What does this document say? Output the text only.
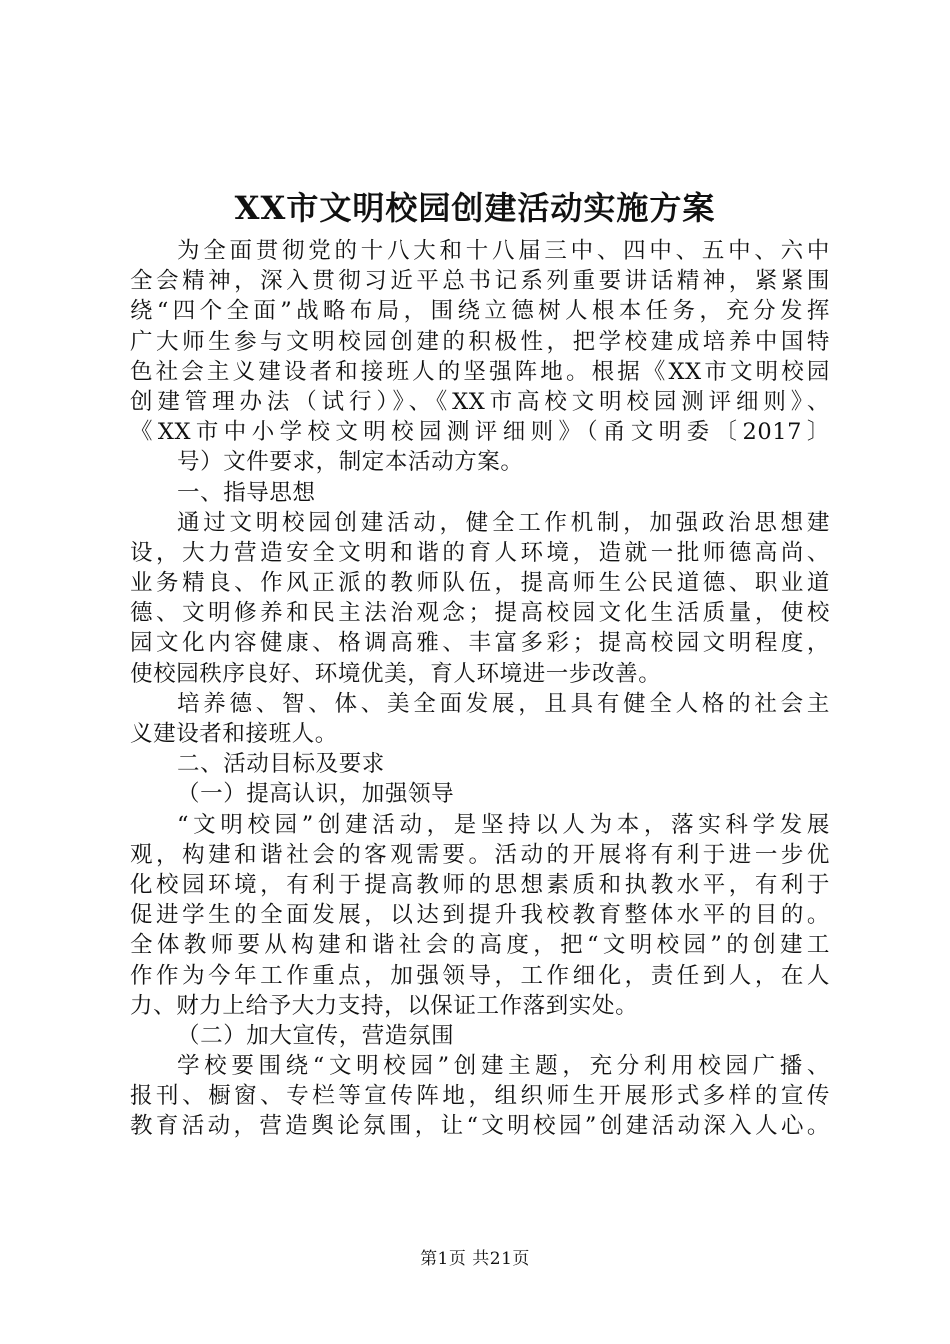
XX市文明校园创建活动实施方案
为全面贯彻党的十八大和十八届三中、四中、五中、六中
全会精神，深入贯彻习近平总书记系列重要讲话精神，紧紧围
绕“四个全面”战略布局，围绕立德树人根本任务，充分发挥
广大师生参与文明校园创建的积极性，把学校建成培养中国特
色社会主义建设者和接班人的坚强阵地。根据《XX市文明校园
创建管理办法（试行）》、《XX市高校文明校园测评细则》、
《XX市中小学校文明校园测评细则》（甬文明委〔2017〕
号）文件要求，制定本活动方案。
一、指导思想
通过文明校园创建活动，健全工作机制，加强政治思想建
设，大力营造安全文明和谐的育人环境，造就一批师德高尚、
业务精良、作风正派的教师队伍，提高师生公民道德、职业道
德、文明修养和民主法治观念；提高校园文化生活质量，使校
园文化内容健康、格调高雅、丰富多彩；提高校园文明程度，
使校园秩序良好、环境优美，育人环境进一步改善。
培养德、智、体、美全面发展，且具有健全人格的社会主
义建设者和接班人。
二、活动目标及要求
（一）提高认识，加强领导
“文明校园”创建活动，是坚持以人为本，落实科学发展
观，构建和谐社会的客观需要。活动的开展将有利于进一步优
化校园环境，有利于提高教师的思想素质和执教水平，有利于
促进学生的全面发展，以达到提升我校教育整体水平的目的。
全体教师要从构建和谐社会的高度，把“文明校园”的创建工
作作为今年工作重点，加强领导，工作细化，责任到人，在人
力、财力上给予大力支持，以保证工作落到实处。
（二）加大宣传，营造氛围
学校要围绕“文明校园”创建主题，充分利用校园广播、
报刊、橱窗、专栏等宣传阵地，组织师生开展形式多样的宣传
教育活动，营造舆论氛围，让“文明校园”创建活动深入人心。
第1页 共21页
